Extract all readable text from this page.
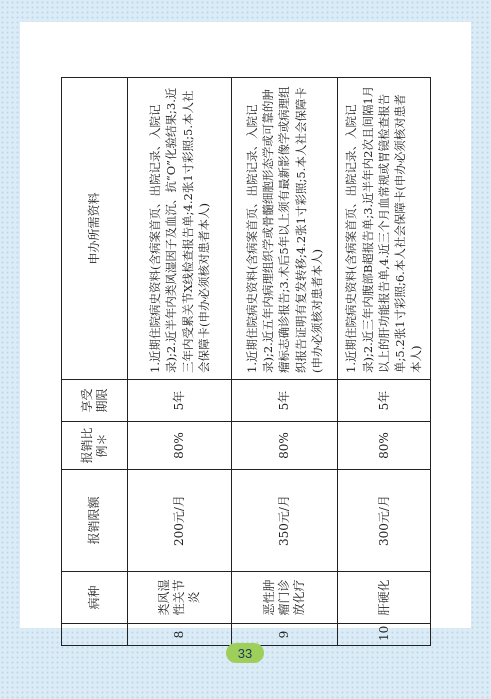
	病种	报销限额	报销比例＊	享受期限	申办所需资料
8	类风湿性关节炎	200元/月	80%	5年	1.近期住院病史资料(含病案首页、出院记录、入院记录);2.近半年内类风湿因子及血沉、抗“O”化验结果;3.近三年内受累关节X线检查报告单;4.2张1寸彩照;5.本人社会保障卡(申办必须核对患者本人)
9	恶性肿瘤门诊放化疗	350元/月	80%	5年	1.近期住院病史资料(含病案首页、出院记录、入院记录);2.近五年内病理组织学或骨髓细胞形态学或可靠的肿瘤标志确诊报告;3.术后5年以上须有最新影像学或病理组织报告证明有复发转移;4.2张1寸彩照;5.本人社会保障卡(申办必须核对患者本人)
10	肝硬化	300元/月	80%	5年	1.近期住院病史资料(含病案首页、出院记录、入院记录);2.近三年内腹部B超报告单;3.近半年内2次且间隔1月以上的肝功能报告单,4.近三个月血常规或胃镜检查报告单;5.2张1寸彩照;6.本人社会保障卡(申办必须核对患者本人)
33
